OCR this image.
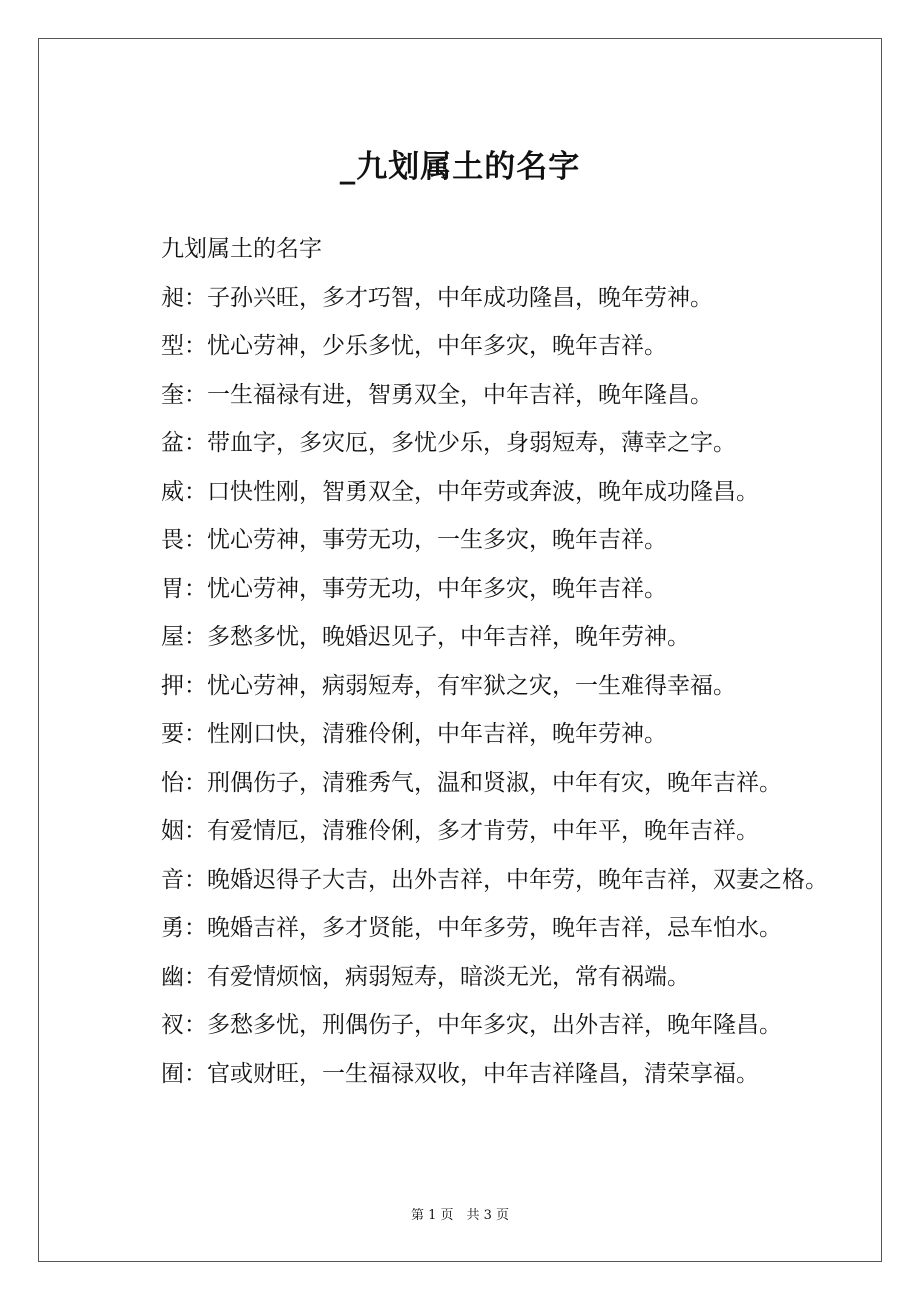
_九划属土的名字

九划属土的名字

昶：子孙兴旺，多才巧智，中年成功隆昌，晚年劳神。

型：忧心劳神，少乐多忧，中年多灾，晚年吉祥。

奎：一生福禄有进，智勇双全，中年吉祥，晚年隆昌。

盆：带血字，多灾厄，多忧少乐，身弱短寿，薄幸之字。

威：口快性刚，智勇双全，中年劳或奔波，晚年成功隆昌。

畏：忧心劳神，事劳无功，一生多灾，晚年吉祥。

胃：忧心劳神，事劳无功，中年多灾，晚年吉祥。

屋：多愁多忧，晚婚迟见子，中年吉祥，晚年劳神。

押：忧心劳神，病弱短寿，有牢狱之灾，一生难得幸福。

要：性刚口快，清雅伶俐，中年吉祥，晚年劳神。

怡：刑偶伤子，清雅秀气，温和贤淑，中年有灾，晚年吉祥。

姻：有爱情厄，清雅伶俐，多才肯劳，中年平，晚年吉祥。

音：晚婚迟得子大吉，出外吉祥，中年劳，晚年吉祥，双妻之格。

勇：晚婚吉祥，多才贤能，中年多劳，晚年吉祥，忌车怕水。

幽：有爱情烦恼，病弱短寿，暗淡无光，常有祸端。

衩：多愁多忧，刑偶伤子，中年多灾，出外吉祥，晚年隆昌。

囿：官或财旺，一生福禄双收，中年吉祥隆昌，清荣享福。

第 1 页　共 3 页
